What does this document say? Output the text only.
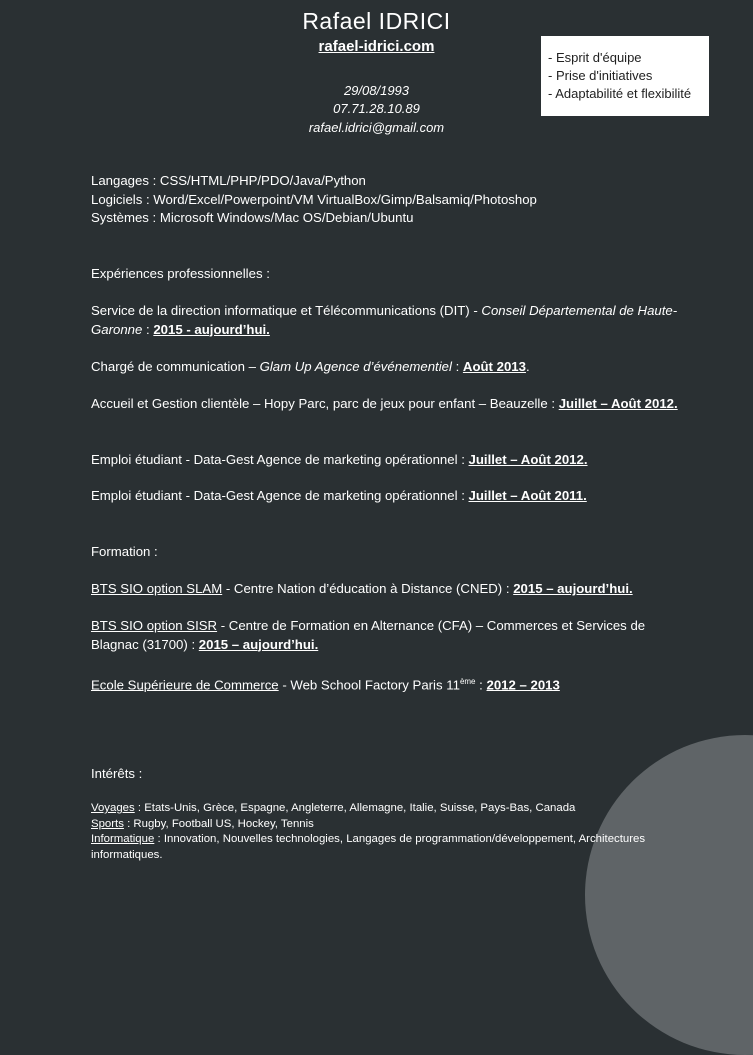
Rafael IDRICI
rafael-idrici.com
29/08/1993
07.71.28.10.89
rafael.idrici@gmail.com
- Esprit d'équipe
- Prise d'initiatives
- Adaptabilité et flexibilité
Langages : CSS/HTML/PHP/PDO/Java/Python
Logiciels : Word/Excel/Powerpoint/VM VirtualBox/Gimp/Balsamiq/Photoshop
Systèmes : Microsoft Windows/Mac OS/Debian/Ubuntu
Expériences professionnelles :
Service de la direction informatique et Télécommunications (DIT) - Conseil Départemental de Haute-Garonne : 2015 - aujourd’hui.
Chargé de communication – Glam Up Agence d’événementiel : Août 2013.
Accueil et Gestion clientèle – Hopy Parc, parc de jeux pour enfant – Beauzelle : Juillet – Août 2012.
Emploi étudiant - Data-Gest Agence de marketing opérationnel : Juillet – Août 2012.
Emploi étudiant - Data-Gest Agence de marketing opérationnel : Juillet – Août 2011.
Formation :
BTS SIO option SLAM - Centre Nation d’éducation à Distance (CNED) : 2015 – aujourd’hui.
BTS SIO option SISR - Centre de Formation en Alternance (CFA) – Commerces et Services de Blagnac (31700) : 2015 – aujourd’hui.
Ecole Supérieure de Commerce - Web School Factory Paris 11ème : 2012 – 2013
Intérêts :
Voyages : Etats-Unis, Grèce, Espagne, Angleterre, Allemagne, Italie, Suisse, Pays-Bas, Canada
Sports : Rugby, Football US, Hockey, Tennis
Informatique : Innovation, Nouvelles technologies, Langages de programmation/développement, Architectures informatiques.
